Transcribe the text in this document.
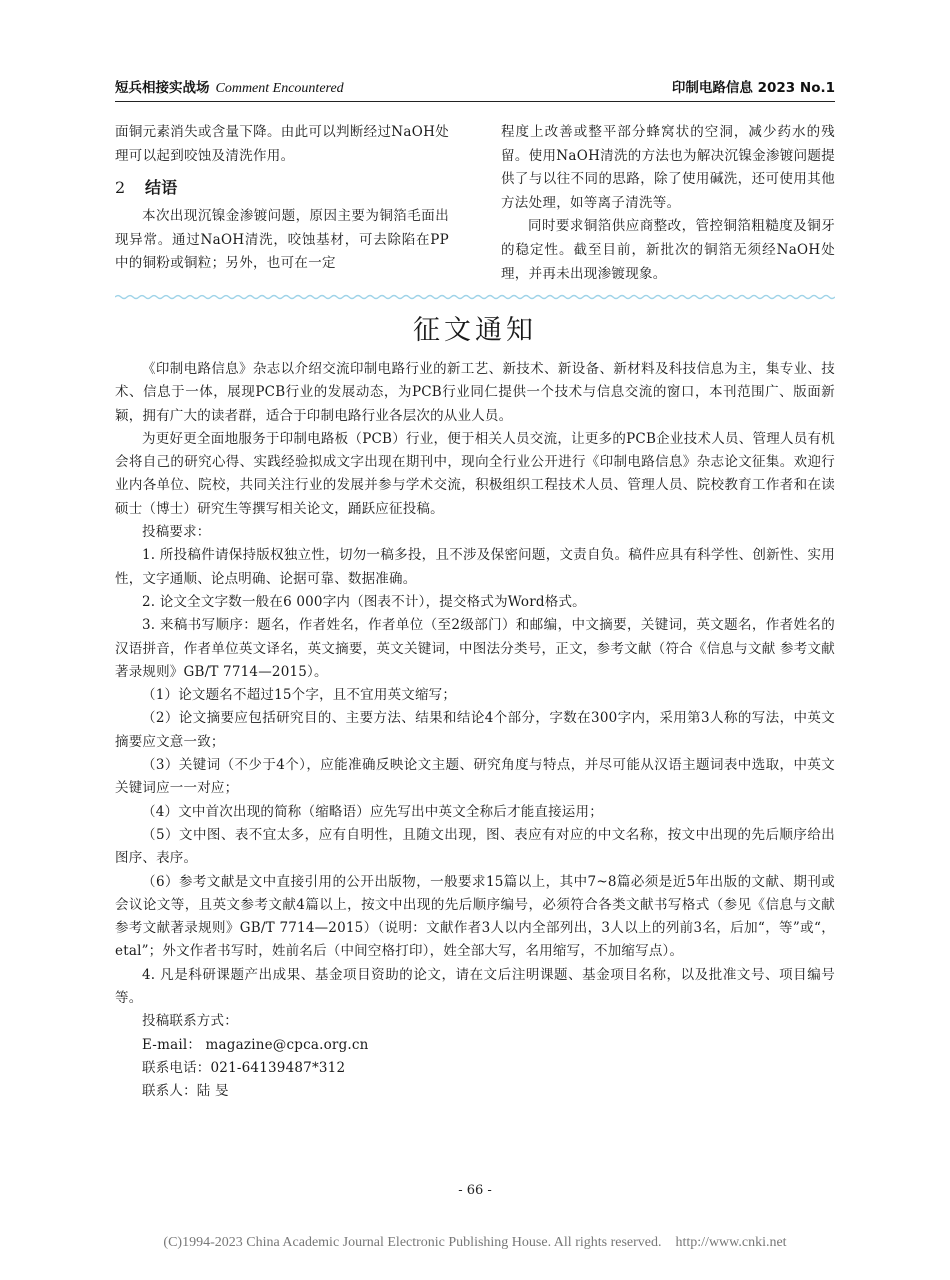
短兵相接实战场 Comment Encountered	印制电路信息 2023 No.1

面铜元素消失或含量下降。由此可以判断经过NaOH处理可以起到咬蚀及清洗作用。

2 结语

本次出现沉镍金渗镀问题，原因主要为铜箔毛面出现异常。通过NaOH清洗，咬蚀基材，可去除陷在PP中的铜粉或铜粒；另外，也可在一定

程度上改善或整平部分蜂窝状的空洞，减少药水的残留。使用NaOH清洗的方法也为解决沉镍金渗镀问题提供了与以往不同的思路，除了使用碱洗，还可使用其他方法处理，如等离子清洗等。

同时要求铜箔供应商整改，管控铜箔粗糙度及铜牙的稳定性。截至目前，新批次的铜箔无须经NaOH处理，并再未出现渗镀现象。

征文通知

《印制电路信息》杂志以介绍交流印制电路行业的新工艺、新技术、新设备、新材料及科技信息为主，集专业、技术、信息于一体，展现PCB行业的发展动态，为PCB行业同仁提供一个技术与信息交流的窗口，本刊范围广、版面新颖，拥有广大的读者群，适合于印制电路行业各层次的从业人员。

为更好更全面地服务于印制电路板（PCB）行业，便于相关人员交流，让更多的PCB企业技术人员、管理人员有机会将自己的研究心得、实践经验拟成文字出现在期刊中，现向全行业公开进行《印制电路信息》杂志论文征集。欢迎行业内各单位、院校，共同关注行业的发展并参与学术交流，积极组织工程技术人员、管理人员、院校教育工作者和在读硕士（博士）研究生等撰写相关论文，踊跃应征投稿。

投稿要求：

1. 所投稿件请保持版权独立性，切勿一稿多投，且不涉及保密问题，文责自负。稿件应具有科学性、创新性、实用性，文字通顺、论点明确、论据可靠、数据准确。

2. 论文全文字数一般在6 000字内（图表不计），提交格式为Word格式。

3. 来稿书写顺序：题名，作者姓名，作者单位（至2级部门）和邮编，中文摘要，关键词，英文题名，作者姓名的汉语拼音，作者单位英文译名，英文摘要，英文关键词，中图法分类号，正文，参考文献（符合《信息与文献 参考文献著录规则》GB/T 7714—2015）。

（1）论文题名不超过15个字，且不宜用英文缩写；

（2）论文摘要应包括研究目的、主要方法、结果和结论4个部分，字数在300字内，采用第3人称的写法，中英文摘要应文意一致；

（3）关键词（不少于4个），应能准确反映论文主题、研究角度与特点，并尽可能从汉语主题词表中选取，中英文关键词应一一对应；

（4）文中首次出现的简称（缩略语）应先写出中英文全称后才能直接运用；

（5）文中图、表不宜太多，应有自明性，且随文出现，图、表应有对应的中文名称，按文中出现的先后顺序给出图序、表序。

（6）参考文献是文中直接引用的公开出版物，一般要求15篇以上，其中7~8篇必须是近5年出版的文献、期刊或会议论文等，且英文参考文献4篇以上，按文中出现的先后顺序编号，必须符合各类文献书写格式（参见《信息与文献 参考文献著录规则》GB/T 7714—2015）（说明：文献作者3人以内全部列出，3人以上的列前3名，后加“，等”或“，etal”；外文作者书写时，姓前名后（中间空格打印），姓全部大写，名用缩写，不加缩写点）。

4. 凡是科研课题产出成果、基金项目资助的论文，请在文后注明课题、基金项目名称，以及批准文号、项目编号等。

投稿联系方式：

E-mail： magazine@cpca.org.cn

联系电话：021-64139487*312

联系人：陆 旻

- 66 -
(C)1994-2023 China Academic Journal Electronic Publishing House. All rights reserved.    http://www.cnki.net
